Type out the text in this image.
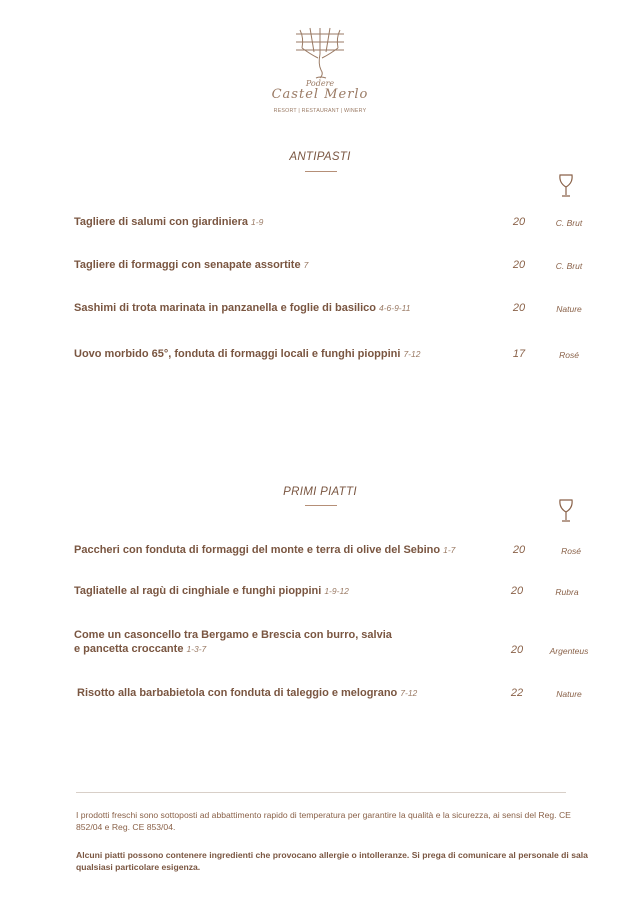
Podere
Castel Merlo
RESORT | RESTAURANT | WINERY
ANTIPASTI
Tagliere di salumi con giardiniera 1-9	20	C. Brut
Tagliere di formaggi con senapate assortite 7	20	C. Brut
Sashimi di trota marinata in panzanella e foglie di basilico 4-6-9-11	20	Nature
Uovo morbido 65°, fonduta di formaggi locali e funghi pioppini 7-12	17	Rosé
PRIMI PIATTI
Paccheri con fonduta di formaggi del monte e terra di olive del Sebino 1-7	20	Rosé
Tagliatelle al ragù di cinghiale e funghi pioppini 1-9-12	20	Rubra
Come un casoncello tra Bergamo e Brescia con burro, salvia
e pancetta croccante 1-3-7	20	Argenteus
Risotto alla barbabietola con fonduta di taleggio e melograno 7-12	22	Nature
I prodotti freschi sono sottoposti ad abbattimento rapido di temperatura per garantire la qualità e la sicurezza, ai sensi del Reg. CE 852/04 e Reg. CE 853/04.
Alcuni piatti possono contenere ingredienti che provocano allergie o intolleranze. Si prega di comunicare al personale di sala qualsiasi particolare esigenza.
